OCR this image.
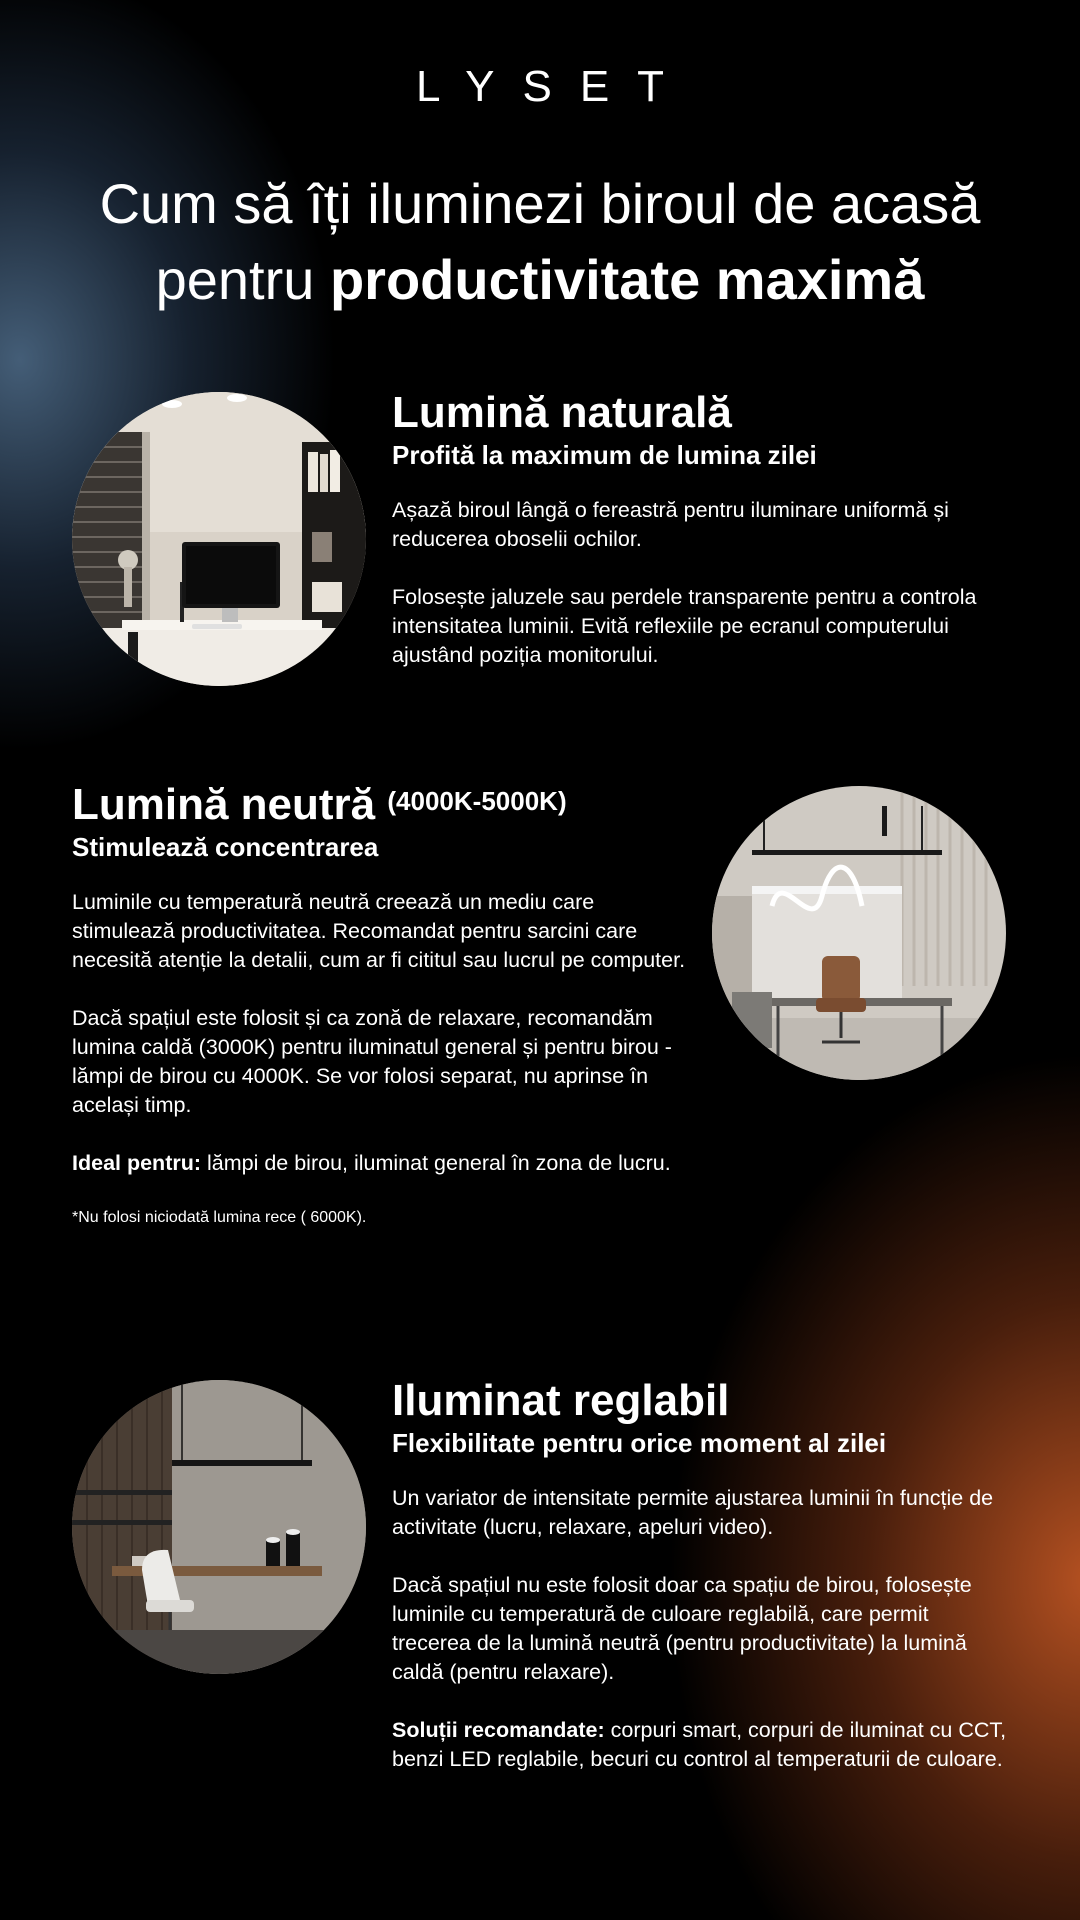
LYSET
Cum să îți iluminezi biroul de acasă
pentru productivitate maximă
Lumină naturală

Profită la maximum de lumina zilei

Așază biroul lângă o fereastră pentru iluminare uniformă și reducerea oboselii ochilor.

Folosește jaluzele sau perdele transparente pentru a controla intensitatea luminii. Evită reflexiile pe ecranul computerului ajustând poziția monitorului.

Lumină neutră $^{(4000K-5000K)}$

Stimulează concentrarea

Luminile cu temperatură neutră creează un mediu care stimulează productivitatea. Recomandat pentru sarcini care necesită atenție la detalii, cum ar fi cititul sau lucrul pe computer.

Dacă spațiul este folosit și ca zonă de relaxare, recomandăm lumina caldă (3000K) pentru iluminatul general și pentru birou - lămpi de birou cu 4000K. Se vor folosi separat, nu aprinse în același timp.

Ideal pentru: lămpi de birou, iluminat general în zona de lucru.

*Nu folosi niciodată lumina rece ( 6000K).

Iluminat reglabil

Flexibilitate pentru orice moment al zilei

Un variator de intensitate permite ajustarea luminii în funcție de activitate (lucru, relaxare, apeluri video).

Dacă spațiul nu este folosit doar ca spațiu de birou, folosește luminile cu temperatură de culoare reglabilă, care permit trecerea de la lumină neutră (pentru productivitate) la lumină caldă (pentru relaxare).

Soluții recomandate: corpuri smart, corpuri de iluminat cu CCT, benzi LED reglabile, becuri cu control al temperaturii de culoare.
